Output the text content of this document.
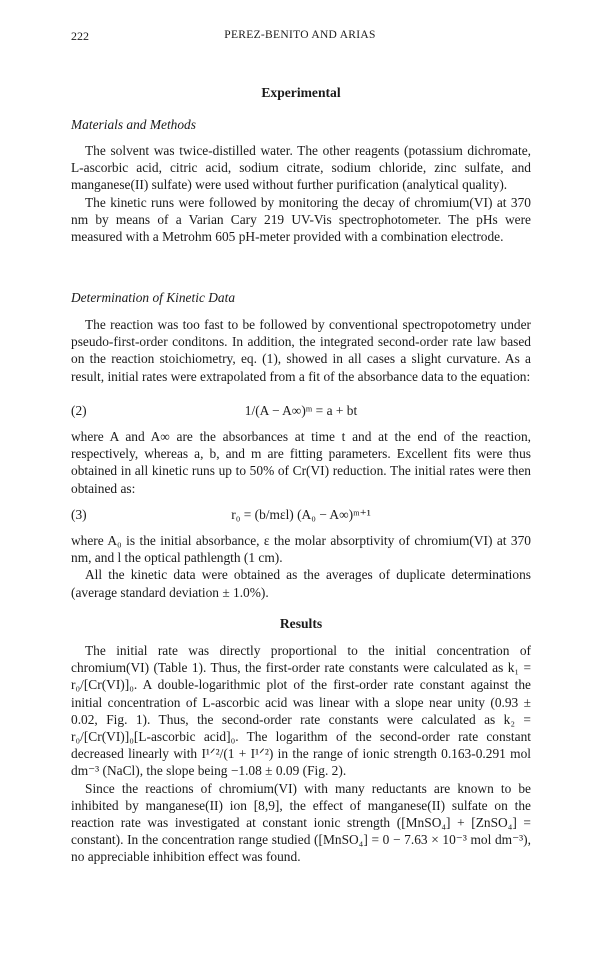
222	PEREZ-BENITO AND ARIAS
Experimental
Materials and Methods

The solvent was twice-distilled water. The other reagents (potassium dichromate, L-ascorbic acid, citric acid, sodium citrate, sodium chloride, zinc sulfate, and manganese(II) sulfate) were used without further purification (analytical quality).

The kinetic runs were followed by monitoring the decay of chromium(VI) at 370 nm by means of a Varian Cary 219 UV-Vis spectrophotometer. The pHs were measured with a Metrohm 605 pH-meter provided with a combination electrode.

Determination of Kinetic Data

The reaction was too fast to be followed by conventional spectropotometry under pseudo-first-order conditons. In addition, the integrated second-order rate law based on the reaction stoichiometry, eq. (1), showed in all cases a slight curvature. As a result, initial rates were extrapolated from a fit of the absorbance data to the equation:

(2)	1/(A − A∞)ᵐ = a + bt

where A and A∞ are the absorbances at time t and at the end of the reaction, respectively, whereas a, b, and m are fitting parameters. Excellent fits were thus obtained in all kinetic runs up to 50% of Cr(VI) reduction. The initial rates were then obtained as:

(3)	r₀ = (b/mεl) (A₀ − A∞)ᵐ⁺¹

where A₀ is the initial absorbance, ε the molar absorptivity of chromium(VI) at 370 nm, and l the optical pathlength (1 cm).

All the kinetic data were obtained as the averages of duplicate determinations (average standard deviation ± 1.0%).

Results

The initial rate was directly proportional to the initial concentration of chromium(VI) (Table 1). Thus, the first-order rate constants were calculated as k₁ = r₀/[Cr(VI)]₀. A double-logarithmic plot of the first-order rate constant against the initial concentration of L-ascorbic acid was linear with a slope near unity (0.93 ± 0.02, Fig. 1). Thus, the second-order rate constants were calculated as k₂ = r₀/[Cr(VI)]₀[L-ascorbic acid]₀. The logarithm of the second-order rate constant decreased linearly with I¹ᐟ²/(1 + I¹ᐟ²) in the range of ionic strength 0.163-0.291 mol dm⁻³ (NaCl), the slope being −1.08 ± 0.09 (Fig. 2).

Since the reactions of chromium(VI) with many reductants are known to be inhibited by manganese(II) ion [8,9], the effect of manganese(II) sulfate on the reaction rate was investigated at constant ionic strength ([MnSO₄] + [ZnSO₄] = constant). In the concentration range studied ([MnSO₄] = 0 − 7.63 × 10⁻³ mol dm⁻³), no appreciable inhibition effect was found.
